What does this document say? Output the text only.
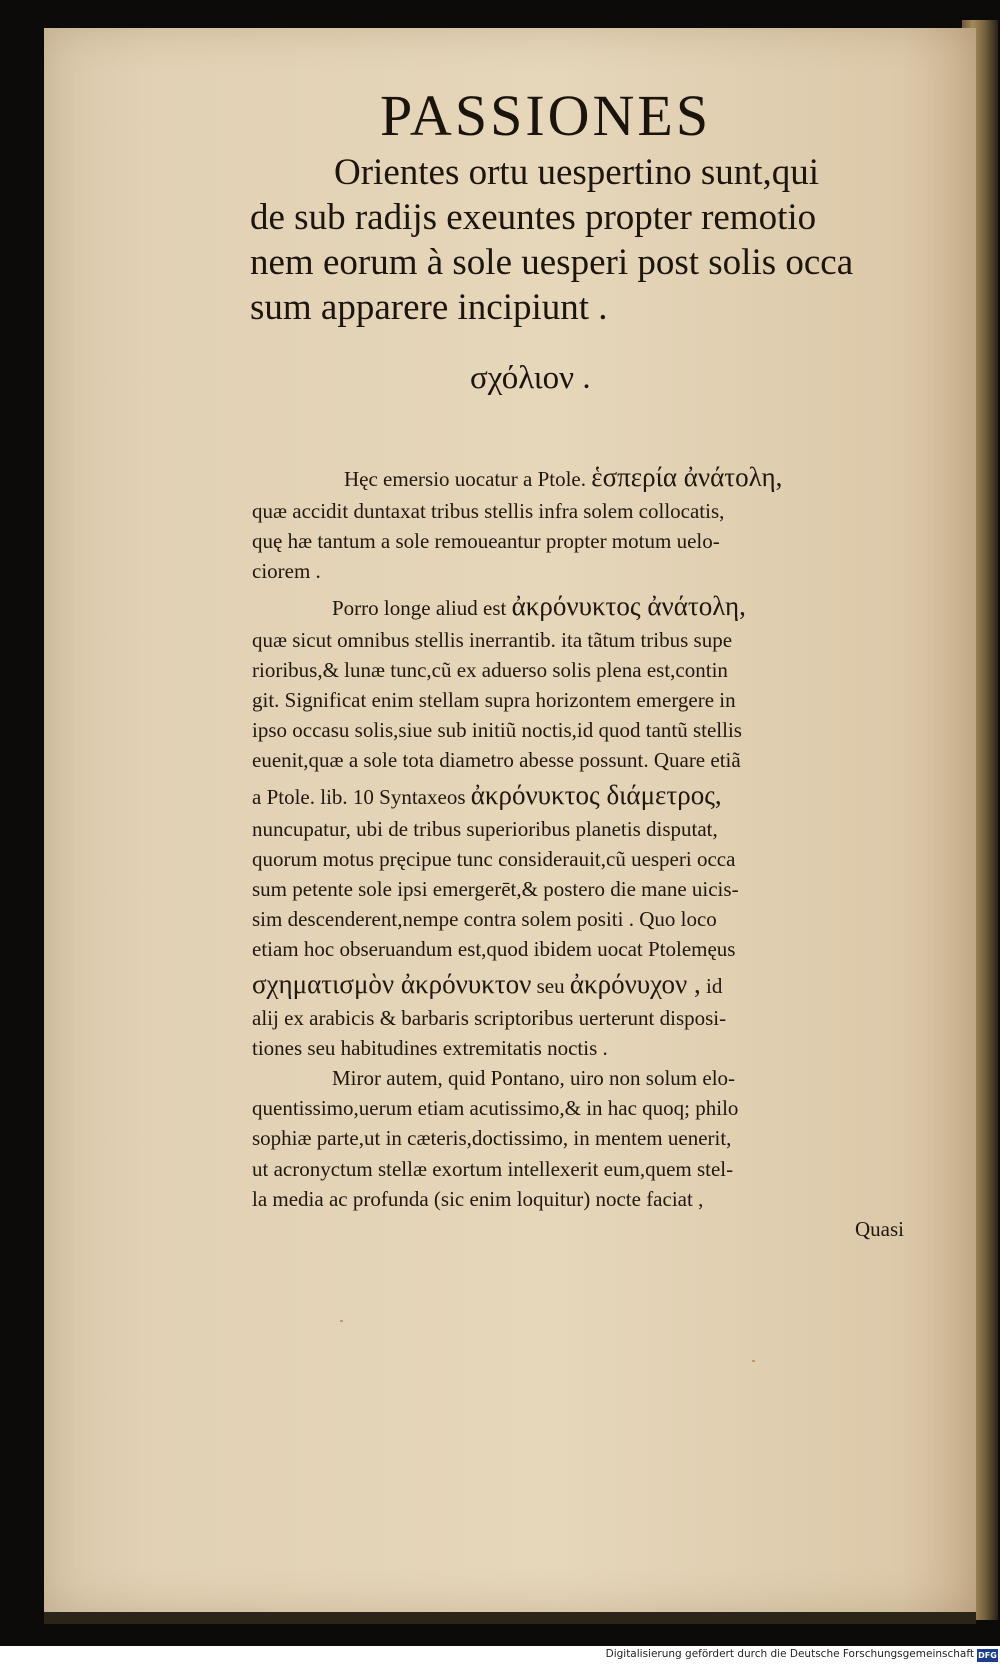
PASSIONES
Orientes ortu uespertino sunt,qui
de sub radijs exeuntes propter remotio
nem eorum à sole uesperi post solis occa
sum apparere incipiunt .
σχόλιον .
Hęc emersio uocatur a Ptole. ἑσπερία ἀνάτολη,
quæ accidit duntaxat tribus stellis infra solem collocatis,
quę hæ tantum a sole remoueantur propter motum uelo-
ciorem .
Porro longe aliud est ἀκρόνυκτος ἀνάτολη,
quæ sicut omnibus stellis inerrantib. ita tãtum tribus supe
rioribus,& lunæ tunc,cũ ex aduerso solis plena est,contin
git. Significat enim stellam supra horizontem emergere in
ipso occasu solis,siue sub initiũ noctis,id quod tantũ stellis
euenit,quæ a sole tota diametro abesse possunt. Quare etiã
a Ptole. lib. 10 Syntaxeos ἀκρόνυκτος διάμετρος,
nuncupatur, ubi de tribus superioribus planetis disputat,
quorum motus pręcipue tunc considerauit,cũ uesperi occa
sum petente sole ipsi emergerēt,& postero die mane uicis-
sim descenderent,nempe contra solem positi . Quo loco
etiam hoc obseruandum est,quod ibidem uocat Ptolemęus
σχηματισμὸν ἀκρόνυκτον seu ἀκρόνυχον , id
alij ex arabicis & barbaris scriptoribus uerterunt disposi-
tiones seu habitudines extremitatis noctis .
Miror autem, quid Pontano, uiro non solum elo-
quentissimo,uerum etiam acutissimo,& in hac quoq; philo
sophiæ parte,ut in cæteris,doctissimo, in mentem uenerit,
ut acronyctum stellæ exortum intellexerit eum,quem stel-
la media ac profunda (sic enim loquitur) nocte faciat ,
Quasi
Digitalisierung gefördert durch die Deutsche Forschungsgemeinschaft DFG
